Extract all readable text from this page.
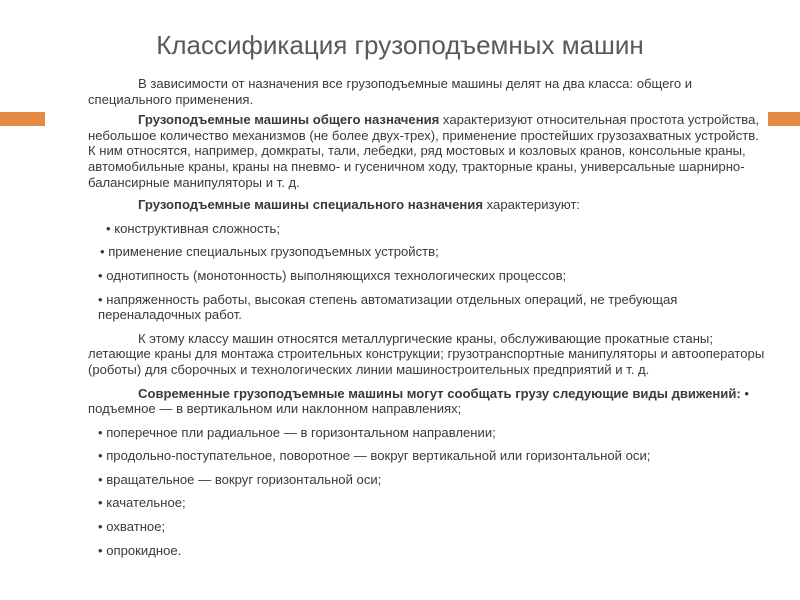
Классификация грузоподъемных машин

В зависимости от назначения все грузоподъемные машины делят на два класса: общего и специального применения.

Грузоподъемные машины общего назначения характеризуют относительная простота устройства, небольшое количество механизмов (не более двух-трех), применение простейших грузозахватных устройств. К ним относятся, например, домкраты, тали, лебедки, ряд мостовых и козловых кранов, консольные краны, автомобильные краны, краны на пневмо- и гусеничном ходу, тракторные краны, универсальные шарнирно-балансирные манипуляторы и т. д.

Грузоподъемные машины специального назначения характеризуют:

• конструктивная сложность;

• применение специальных грузоподъемных устройств;

• однотипность (монотонность) выполняющихся технологических процессов;

• напряженность работы, высокая степень автоматизации отдельных операций, не требующая переналадочных работ.

К этому классу машин относятся металлургические краны, обслуживающие прокатные станы; летающие краны для монтажа строительных конструкции; грузотранспортные манипуляторы и автооператоры (роботы) для сборочных и технологических линии машиностроительных предприятий и т. д.

Современные грузоподъемные машины могут сообщать грузу следующие виды движений: • подъемное — в вертикальном или наклонном направлениях;

• поперечное пли радиальное — в горизонтальном направлении;

• продольно-поступательное, поворотное — вокруг вертикальной или горизонтальной оси;

• вращательное — вокруг горизонтальной оси;

• качательное;

• охватное;

• опрокидное.
